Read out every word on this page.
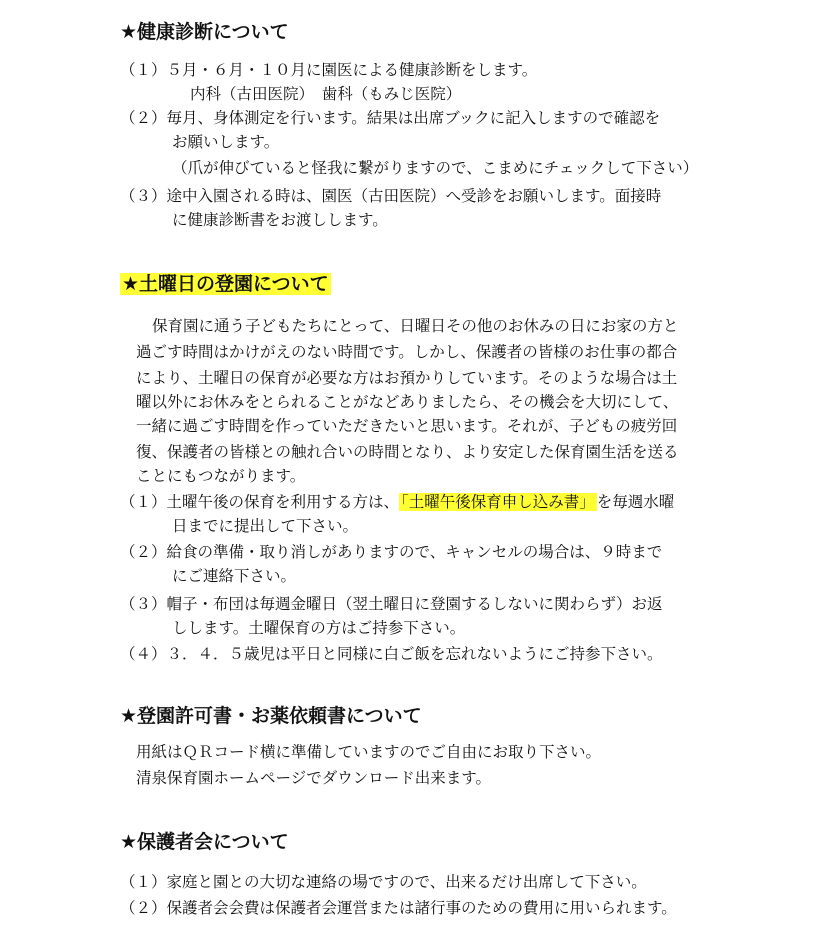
★健康診断について
（１）５月・６月・１０月に園医による健康診断をします。
内科（古田医院）　歯科（もみじ医院）
（２）毎月、身体測定を行います。結果は出席ブックに記入しますので確認を
お願いします。
（爪が伸びていると怪我に繋がりますので、こまめにチェックして下さい）
（３）途中入園される時は、園医（古田医院）へ受診をお願いします。面接時
に健康診断書をお渡しします。
★土曜日の登園について
保育園に通う子どもたちにとって、日曜日その他のお休みの日にお家の方と
過ごす時間はかけがえのない時間です。しかし、保護者の皆様のお仕事の都合
により、土曜日の保育が必要な方はお預かりしています。そのような場合は土
曜以外にお休みをとられることがなどありましたら、その機会を大切にして、
一緒に過ごす時間を作っていただきたいと思います。それが、子どもの疲労回
復、保護者の皆様との触れ合いの時間となり、より安定した保育園生活を送る
ことにもつながります。
（１）土曜午後の保育を利用する方は、 「土曜午後保育申し込み書」 を毎週水曜
日までに提出して下さい。
（２）給食の準備・取り消しがありますので、キャンセルの場合は、９時まで
にご連絡下さい。
（３）帽子・布団は毎週金曜日（翌土曜日に登園するしないに関わらず）お返
しします。土曜保育の方はご持参下さい。
（４）３．４．５歳児は平日と同様に白ご飯を忘れないようにご持参下さい。
★登園許可書・お薬依頼書について
用紙はＱＲコード横に準備していますのでご自由にお取り下さい。
清泉保育園ホームページでダウンロード出来ます。
★保護者会について
（１）家庭と園との大切な連絡の場ですので、出来るだけ出席して下さい。
（２）保護者会会費は保護者会運営または諸行事のための費用に用いられます。
